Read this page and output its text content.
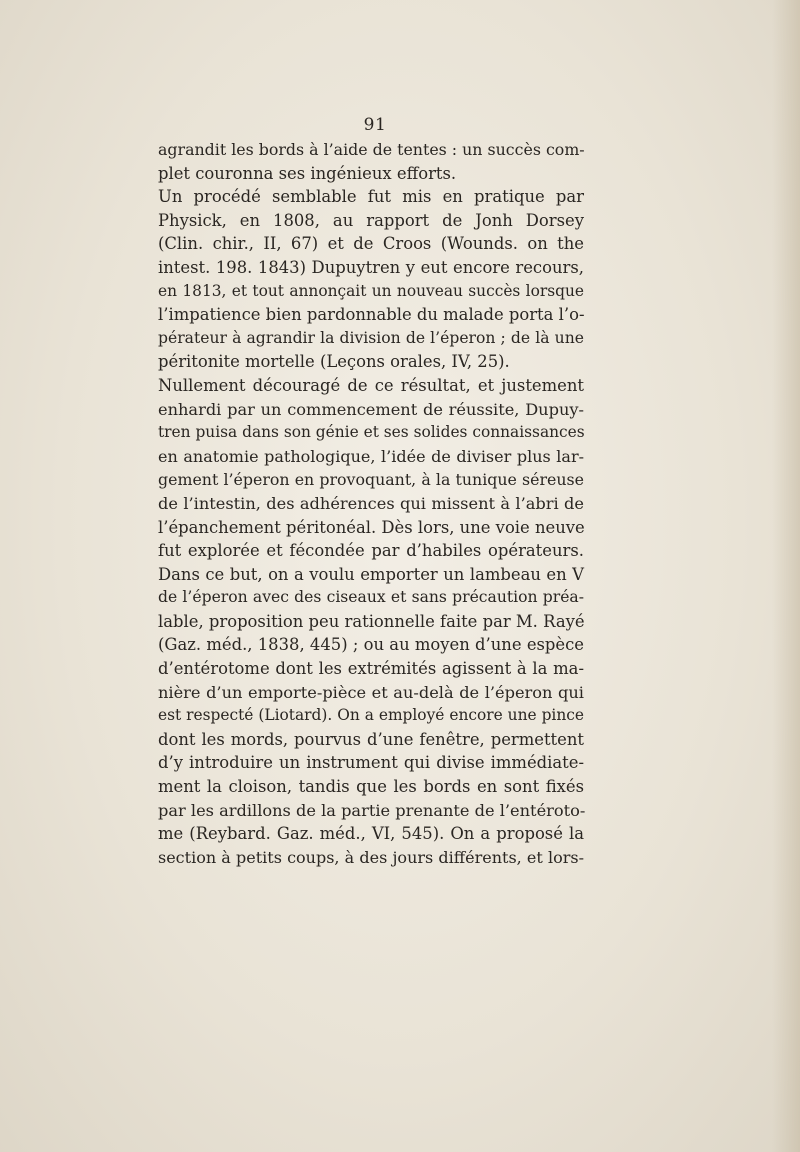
91
agrandit les bords à l’aide de tentes : un succès com-
plet couronna ses ingénieux efforts.
Un procédé semblable fut mis en pratique par
Physick, en 1808, au rapport de Jonh Dorsey
(Clin. chir., II, 67) et de Croos (Wounds. on the
intest. 198. 1843) Dupuytren y eut encore recours,
en 1813, et tout annonçait un nouveau succès lorsque
l’impatience bien pardonnable du malade porta l’o-
pérateur à agrandir la division de l’éperon ; de là une
péritonite mortelle (Leçons orales, IV, 25).
Nullement découragé de ce résultat, et justement
enhardi par un commencement de réussite, Dupuy-
tren puisa dans son génie et ses solides connaissances
en anatomie pathologique, l’idée de diviser plus lar-
gement l’éperon en provoquant, à la tunique séreuse
de l’intestin, des adhérences qui missent à l’abri de
l’épanchement péritonéal. Dès lors, une voie neuve
fut explorée et fécondée par d’habiles opérateurs.
Dans ce but, on a voulu emporter un lambeau en V
de l’éperon avec des ciseaux et sans précaution préa-
lable, proposition peu rationnelle faite par M. Rayé
(Gaz. méd., 1838, 445) ; ou au moyen d’une espèce
d’entérotome dont les extrémités agissent à la ma-
nière d’un emporte-pièce et au-delà de l’éperon qui
est respecté (Liotard). On a employé encore une pince
dont les mords, pourvus d’une fenêtre, permettent
d’y introduire un instrument qui divise immédiate-
ment la cloison, tandis que les bords en sont fixés
par les ardillons de la partie prenante de l’entéroto-
me (Reybard. Gaz. méd., VI, 545). On a proposé la
section à petits coups, à des jours différents, et lors-
